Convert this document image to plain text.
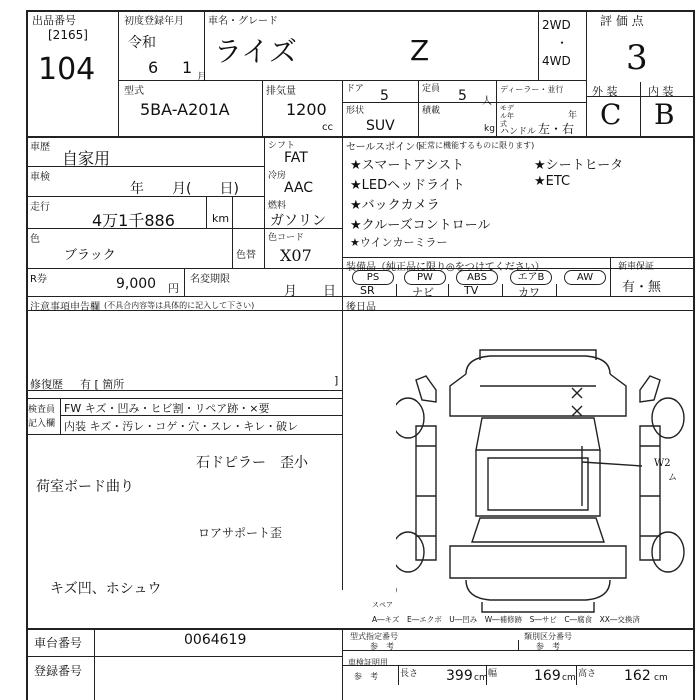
出品番号
[2165]
104
初度登録年月
令和
6 1
月
車名・グレード
ライズ	Z
2WD
・
4WD
評 価 点
3
外 装	内 装
C B
型式
5BA-A201A
排気量
1200
cc
ドア 5	定員 5 人
ディーラー・並行
モデル年式
年
形状
SUV
積載
kg ハンドル 左・右
車歴
自家用
車検
年　　月(　　日)
走行
4万1千886	km
色
ブラック	色替
R券	9,000 円
名変期限
月　　日
シフト
FAT
冷房
AAC
燃料
ガソリン
色コード
X07
セールスポイント
(正常に機能するものに限ります)
★スマートアシスト
★LEDヘッドライト
★バックカメラ
★クルーズコントロール
★ウインカーミラー
★シートヒータ
★ETC
装備品（純正品に限り◎をつけてください）
PS
SR
PW
ナビ
ABS
TV
エアB
カワ
AW
新車保証
有・無
注意事項申告欄 (不具合内容等は具体的に記入して下さい)	後日品
修復歴 有 [ 箇所	]
検査員
記入欄
FW キズ・凹み・ヒビ割・リペア跡・×要
内装 キズ・汚レ・コゲ・穴・スレ・キレ・破レ
石ドピラー　歪小
荷室ボード曲り
ロアサポート歪
キズ凹、ホシュウ
W2
ム
スペア
A―キズ　E―エクボ　U―凹み　W―補修跡　S―サビ　C―腐食　XX―交換済
車台番号	0064619
登録番号
型式指定番号
参　考
類別区分番号
参　考
車検証明用
参　考 長さ 399 cm 幅	169 cm 高さ 162 cm
